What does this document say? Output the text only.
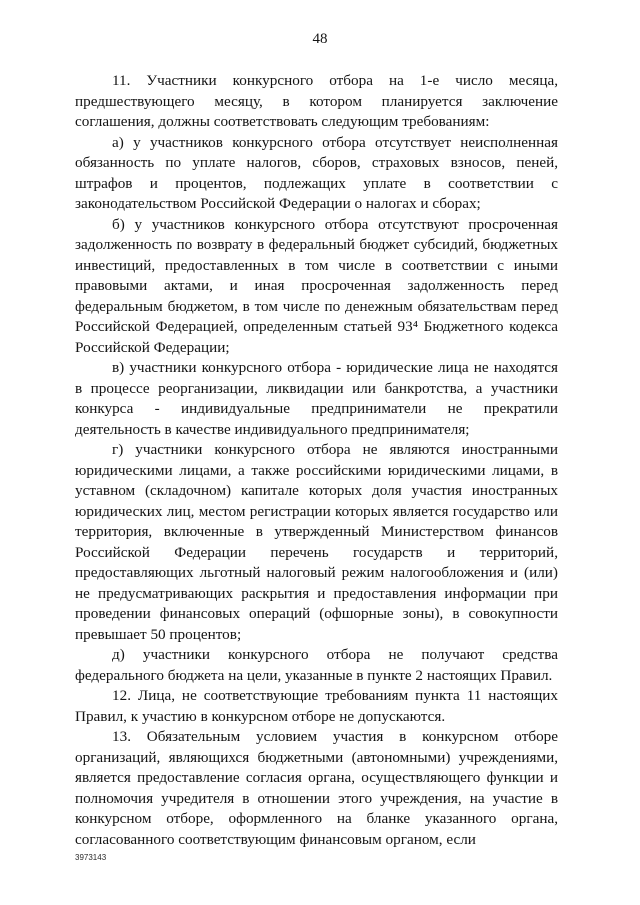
48

11. Участники конкурсного отбора на 1-е число месяца, предшествующего месяцу, в котором планируется заключение соглашения, должны соответствовать следующим требованиям:

а) у участников конкурсного отбора отсутствует неисполненная обязанность по уплате налогов, сборов, страховых взносов, пеней, штрафов и процентов, подлежащих уплате в соответствии с законодательством Российской Федерации о налогах и сборах;

б) у участников конкурсного отбора отсутствуют просроченная задолженность по возврату в федеральный бюджет субсидий, бюджетных инвестиций, предоставленных в том числе в соответствии с иными правовыми актами, и иная просроченная задолженность перед федеральным бюджетом, в том числе по денежным обязательствам перед Российской Федерацией, определенным статьей 93⁴ Бюджетного кодекса Российской Федерации;

в) участники конкурсного отбора - юридические лица не находятся в процессе реорганизации, ликвидации или банкротства, а участники конкурса - индивидуальные предприниматели не прекратили деятельность в качестве индивидуального предпринимателя;

г) участники конкурсного отбора не являются иностранными юридическими лицами, а также российскими юридическими лицами, в уставном (складочном) капитале которых доля участия иностранных юридических лиц, местом регистрации которых является государство или территория, включенные в утвержденный Министерством финансов Российской Федерации перечень государств и территорий, предоставляющих льготный налоговый режим налогообложения и (или) не предусматривающих раскрытия и предоставления информации при проведении финансовых операций (офшорные зоны), в совокупности превышает 50 процентов;

д) участники конкурсного отбора не получают средства федерального бюджета на цели, указанные в пункте 2 настоящих Правил.

12. Лица, не соответствующие требованиям пункта 11 настоящих Правил, к участию в конкурсном отборе не допускаются.

13. Обязательным условием участия в конкурсном отборе организаций, являющихся бюджетными (автономными) учреждениями, является предоставление согласия органа, осуществляющего функции и полномочия учредителя в отношении этого учреждения, на участие в конкурсном отборе, оформленного на бланке указанного органа, согласованного соответствующим финансовым органом, если

3973143
